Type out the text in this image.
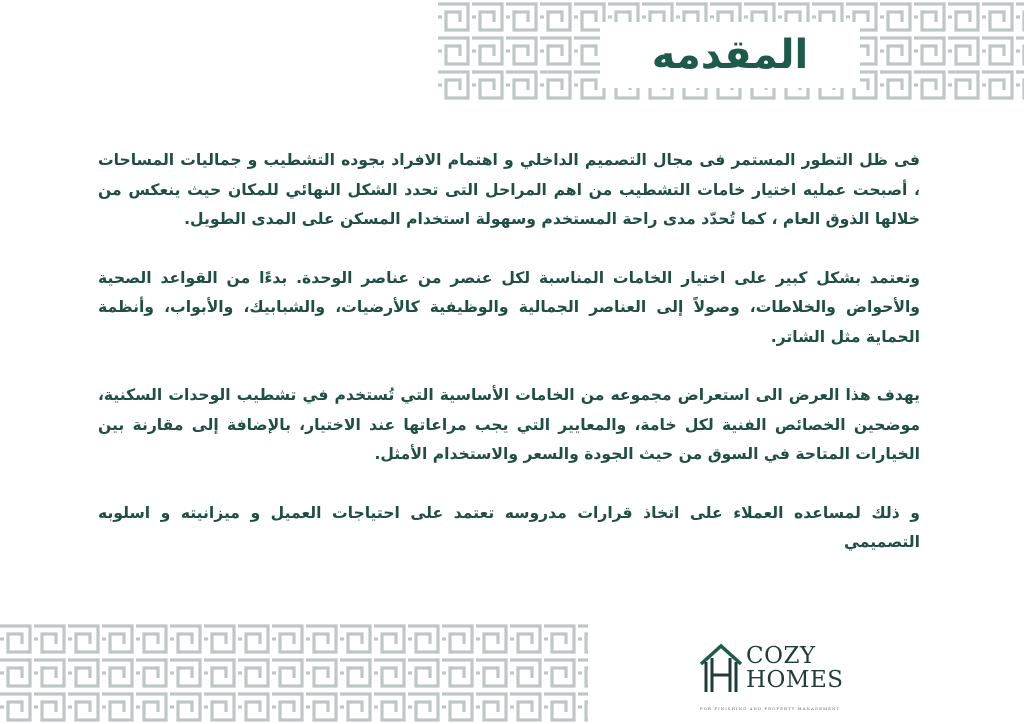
المقدمه

فى ظل التطور المستمر فى مجال التصميم الداخلي و اهتمام الافراد بجوده التشطيب و جماليات المساحات ، أصبحت عمليه اختيار خامات التشطيب من اهم المراحل التى تحدد الشكل النهائي للمكان حيث ينعكس من خلالها الذوق العام ، كما تُحدّد مدى راحة المستخدم وسهولة استخدام المسكن على المدى الطويل.

وتعتمد بشكل كبير على اختيار الخامات المناسبة لكل عنصر من عناصر الوحدة. بدءًا من القواعد الصحية والأحواض والخلاطات، وصولاً إلى العناصر الجمالية والوظيفية كالأرضيات، والشبابيك، والأبواب، وأنظمة الحماية مثل الشاتر.

يهدف هذا العرض الى استعراض مجموعه من الخامات الأساسية التي تُستخدم في تشطيب الوحدات السكنية، موضحين الخصائص الفنية لكل خامة، والمعايير التي يجب مراعاتها عند الاختيار، بالإضافة إلى مقارنة بين الخيارات المتاحة في السوق من حيث الجودة والسعر والاستخدام الأمثل.

و ذلك لمساعده العملاء على اتخاذ قرارات مدروسه تعتمد على احتياجات العميل و ميزانيته و اسلوبه التصميمي

COZY
HOMES
FOR FINISHING AND PROPERTY MANAGEMENT
